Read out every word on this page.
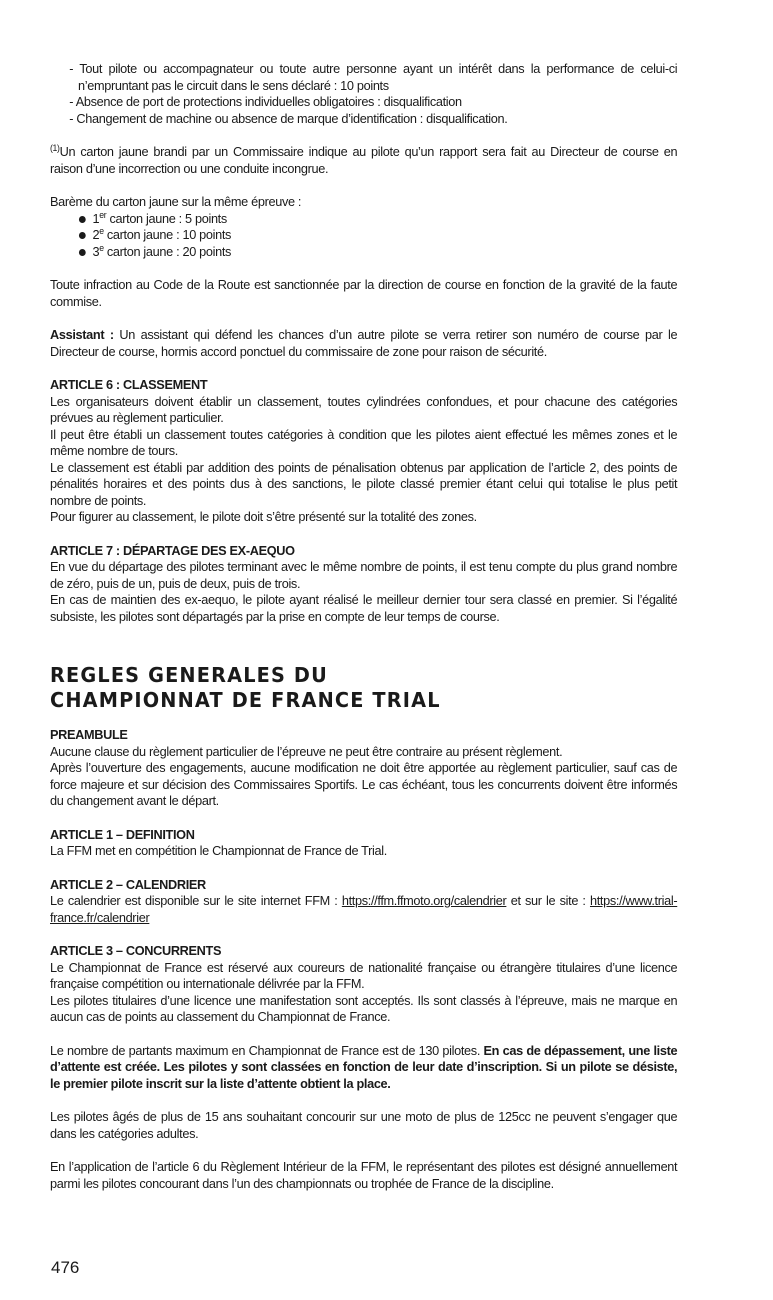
- Tout pilote ou accompagnateur ou toute autre personne ayant un intérêt dans la performance de celui-ci n’empruntant pas le circuit dans le sens déclaré : 10 points

- Absence de port de protections individuelles obligatoires : disqualification

- Changement de machine ou absence de marque d’identification : disqualification.

$^{(1)}$Un carton jaune brandi par un Commissaire indique au pilote qu’un rapport sera fait au Directeur de course en raison d’une incorrection ou une conduite incongrue.

Barème du carton jaune sur la même épreuve :

1er carton jaune : 5 points
2e carton jaune : 10 points
3e carton jaune : 20 points

Toute infraction au Code de la Route est sanctionnée par la direction de course en fonction de la gravité de la faute commise.

Assistant : Un assistant qui défend les chances d’un autre pilote se verra retirer son numéro de course par le Directeur de course, hormis accord ponctuel du commissaire de zone pour raison de sécurité.

ARTICLE 6 : CLASSEMENT

Les organisateurs doivent établir un classement, toutes cylindrées confondues, et pour chacune des catégories prévues au règlement particulier.

Il peut être établi un classement toutes catégories à condition que les pilotes aient effectué les mêmes zones et le même nombre de tours.

Le classement est établi par addition des points de pénalisation obtenus par application de l’article 2, des points de pénalités horaires et des points dus à des sanctions, le pilote classé premier étant celui qui totalise le plus petit nombre de points.

Pour figurer au classement, le pilote doit s’être présenté sur la totalité des zones.

ARTICLE 7 : DÉPARTAGE DES EX-AEQUO

En vue du départage des pilotes terminant avec le même nombre de points, il est tenu compte du plus grand nombre de zéro, puis de un, puis de deux, puis de trois.

En cas de maintien des ex-aequo, le pilote ayant réalisé le meilleur dernier tour sera classé en premier. Si l’égalité subsiste, les pilotes sont départagés par la prise en compte de leur temps de course.

REGLES GENERALES DU

CHAMPIONNAT DE FRANCE TRIAL

PREAMBULE

Aucune clause du règlement particulier de l’épreuve ne peut être contraire au présent règlement.

Après l’ouverture des engagements, aucune modification ne doit être apportée au règlement particulier, sauf cas de force majeure et sur décision des Commissaires Sportifs. Le cas échéant, tous les concurrents doivent être informés du changement avant le départ.

ARTICLE 1 – DEFINITION

La FFM met en compétition le Championnat de France de Trial.

ARTICLE 2 – CALENDRIER

Le calendrier est disponible sur le site internet FFM : https://ffm.ffmoto.org/calendrier et sur le site : https://www.trial-france.fr/calendrier

ARTICLE 3 – CONCURRENTS

Le Championnat de France est réservé aux coureurs de nationalité française ou étrangère titulaires d’une licence française compétition ou internationale délivrée par la FFM.

Les pilotes titulaires d’une licence une manifestation sont acceptés. Ils sont classés à l’épreuve, mais ne marque en aucun cas de points au classement du Championnat de France.

Le nombre de partants maximum en Championnat de France est de 130 pilotes. En cas de dépassement, une liste d’attente est créée. Les pilotes y sont classées en fonction de leur date d’inscription. Si un pilote se désiste, le premier pilote inscrit sur la liste d’attente obtient la place.

Les pilotes âgés de plus de 15 ans souhaitant concourir sur une moto de plus de 125cc ne peuvent s’engager que dans les catégories adultes.

En l’application de l’article 6 du Règlement Intérieur de la FFM, le représentant des pilotes est désigné annuellement parmi les pilotes concourant dans l’un des championnats ou trophée de France de la discipline.

476
